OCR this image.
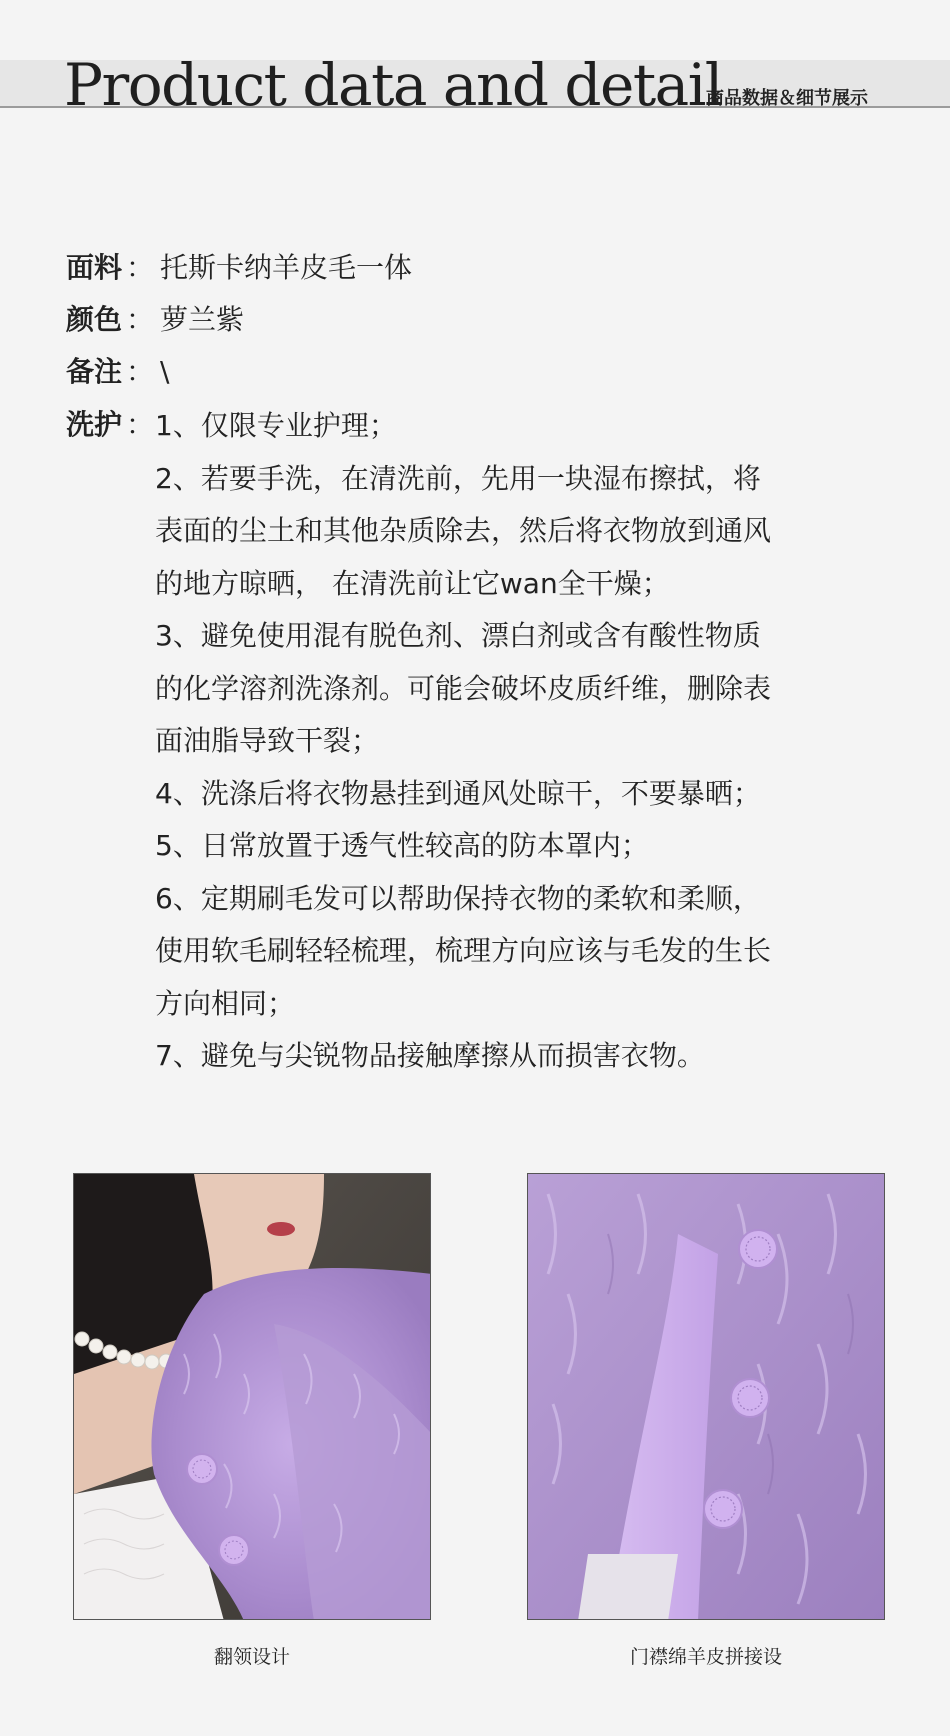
Product data and detail
商品数据＆细节展示
面料 ： 托斯卡纳羊皮毛一体
颜色 ： 萝兰紫
备注 ： \
洗护 ： 1、仅限专业护理；
2、若要手洗，在清洗前，先用一块湿布擦拭，将
表面的尘土和其他杂质除去，然后将衣物放到通风
的地方晾晒， 在清洗前让它wan全干燥；
3、避免使用混有脱色剂、漂白剂或含有酸性物质
的化学溶剂洗涤剂。可能会破坏皮质纤维，删除表
面油脂导致干裂；
4、洗涤后将衣物悬挂到通风处晾干，不要暴晒；
5、日常放置于透气性较高的防本罩内；
6、定期刷毛发可以帮助保持衣物的柔软和柔顺，
使用软毛刷轻轻梳理，梳理方向应该与毛发的生长
方向相同；
7、避免与尖锐物品接触摩擦从而损害衣物。
翻领设计	门襟绵羊皮拼接设
